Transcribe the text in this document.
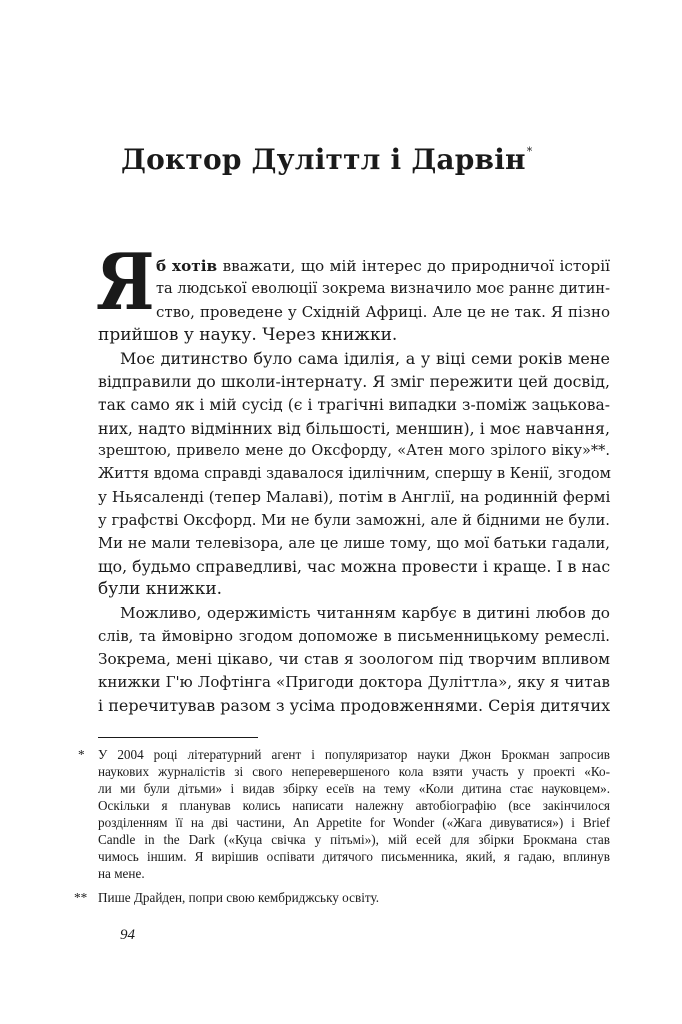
Доктор Дуліттл і Дарвін*
Я б хотів вважати, що мій інтерес до природничої історії
та людської еволюції зокрема визначило моє раннє дитин-
ство, проведене у Східній Африці. Але це не так. Я пізно
прийшов у науку. Через книжки.
Моє дитинство було сама ідилія, а у віці семи років мене
відправили до школи-інтернату. Я зміг пережити цей досвід,
так само як і мій сусід (є і трагічні випадки з-поміж зацькова-
них, надто відмінних від більшості, меншин), і моє навчання,
зрештою, привело мене до Оксфорду, «Атен мого зрілого віку»**.
Життя вдома справді здавалося ідилічним, спершу в Кенії, згодом
у Ньясаленді (тепер Малаві), потім в Англії, на родинній фермі
у графстві Оксфорд. Ми не були заможні, але й бідними не були.
Ми не мали телевізора, але це лише тому, що мої батьки гадали,
що, будьмо справедливі, час можна провести і краще. І в нас
були книжки.
Можливо, одержимість читанням карбує в дитині любов до
слів, та ймовірно згодом допоможе в письменницькому ремеслі.
Зокрема, мені цікаво, чи став я зоологом під творчим впливом
книжки Г'ю Лофтінга «Пригоди доктора Дуліттла», яку я читав
і перечитував разом з усіма продовженнями. Серія дитячих
* У 2004 році літературний агент і популяризатор науки Джон Брокман запросив
наукових журналістів зі свого неперевершеного кола взяти участь у проекті «Ко-
ли ми були дітьми» і видав збірку есеїв на тему «Коли дитина стає науковцем».
Оскільки я планував колись написати належну автобіографію (все закінчилося
розділенням її на дві частини, An Appetite for Wonder («Жага дивуватися») і Brief
Candle in the Dark («Куца свічка у пітьмі»), мій есей для збірки Брокмана став
чимось іншим. Я вирішив оспівати дитячого письменника, який, я гадаю, вплинув
на мене.
** Пише Драйден, попри свою кембриджську освіту.
94
